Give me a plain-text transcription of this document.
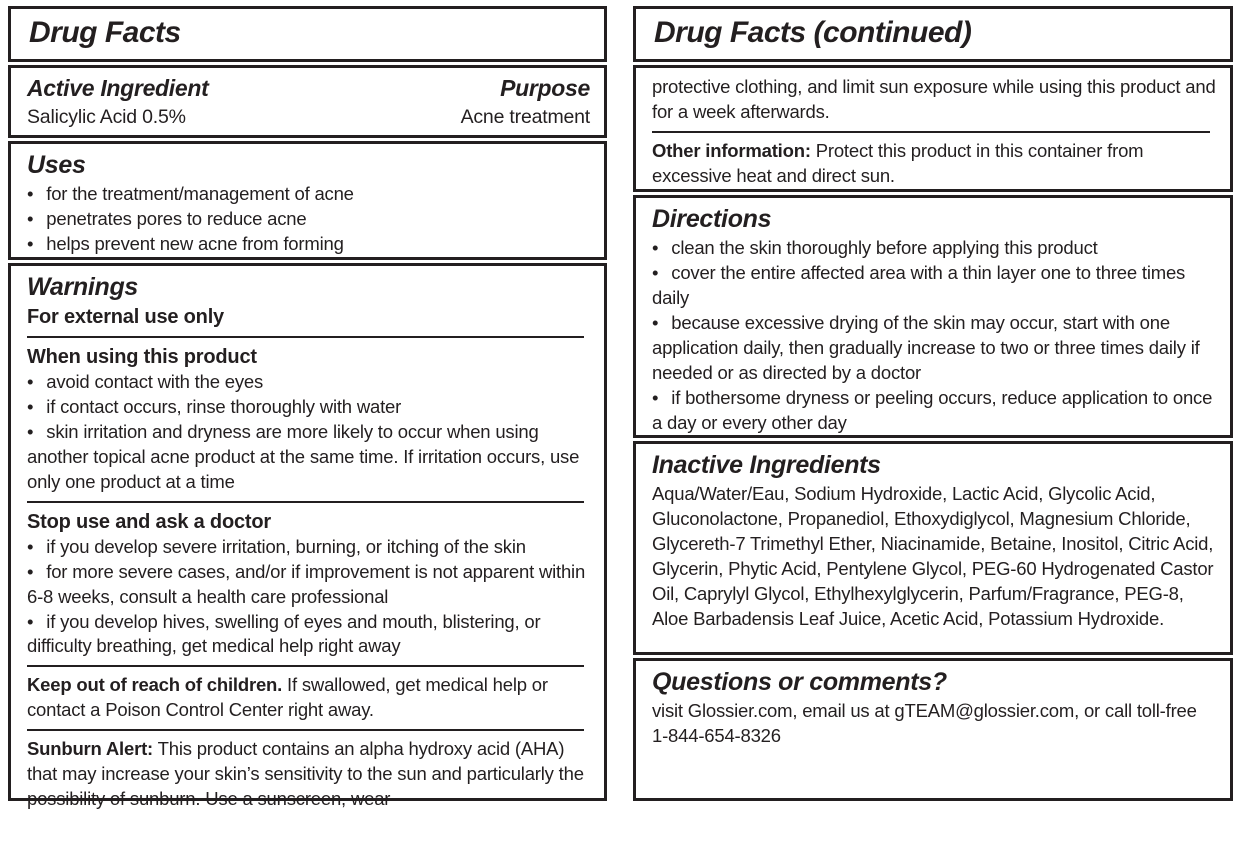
Drug Facts
Active Ingredient
Salicylic Acid 0.5%
Purpose
Acne treatment
Uses
• for the treatment/management of acne
• penetrates pores to reduce acne
• helps prevent new acne from forming
Warnings
For external use only
When using this product
• avoid contact with the eyes
• if contact occurs, rinse thoroughly with water
• skin irritation and dryness are more likely to occur when using another topical acne product at the same time. If irritation occurs, use only one product at a time
Stop use and ask a doctor
• if you develop severe irritation, burning, or itching of the skin
• for more severe cases, and/or if improvement is not apparent within 6-8 weeks, consult a health care professional
• if you develop hives, swelling of eyes and mouth, blistering, or difficulty breathing, get medical help right away

Keep out of reach of children. If swallowed, get medical help or contact a Poison Control Center right away.

Sunburn Alert: This product contains an alpha hydroxy acid (AHA) that may increase your skin’s sensitivity to the sun and particularly the possibility of sunburn. Use a sunscreen, wear

Drug Facts (continued)

protective clothing, and limit sun exposure while using this product and for a week afterwards.

Other information: Protect this product in this container from excessive heat and direct sun.

Directions
• clean the skin thoroughly before applying this product
• cover the entire affected area with a thin layer one to three times daily
• because excessive drying of the skin may occur, start with one application daily, then gradually increase to two or three times daily if needed or as directed by a doctor
• if bothersome dryness or peeling occurs, reduce application to once a day or every other day
Inactive Ingredients

Aqua/Water/Eau, Sodium Hydroxide, Lactic Acid, Glycolic Acid, Gluconolactone, Propanediol, Ethoxydiglycol, Magnesium Chloride, Glycereth-7 Trimethyl Ether, Niacinamide, Betaine, Inositol, Citric Acid, Glycerin, Phytic Acid, Pentylene Glycol, PEG-60 Hydrogenated Castor Oil, Caprylyl Glycol, Ethylhexylglycerin, Parfum/Fragrance, PEG-8, Aloe Barbadensis Leaf Juice, Acetic Acid, Potassium Hydroxide.

Questions or comments?

visit Glossier.com, email us at gTEAM@glossier.com, or call toll-free 1-844-654-8326
